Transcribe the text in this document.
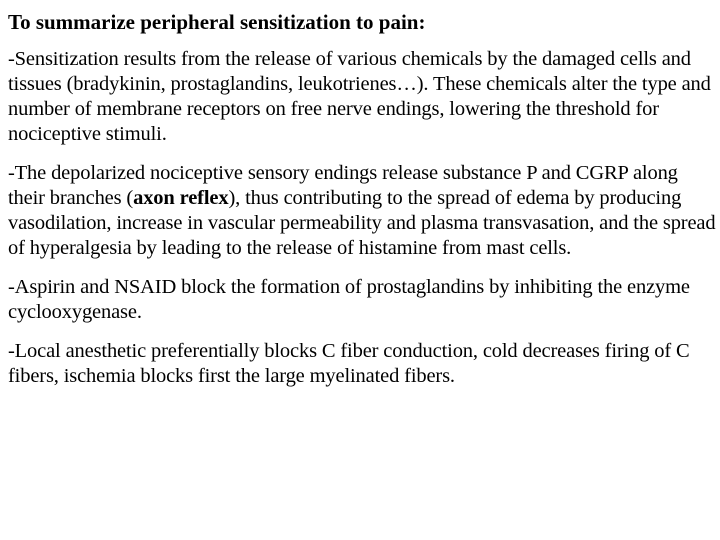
To summarize peripheral sensitization to pain:
-Sensitization results from the release of various chemicals by the damaged cells and tissues (bradykinin, prostaglandins, leukotrienes…). These chemicals alter the type and number of membrane receptors on free nerve endings, lowering the threshold for nociceptive stimuli.
-The depolarized nociceptive sensory endings release substance P and CGRP along their branches (axon reflex), thus contributing to the spread of edema by producing vasodilation, increase in vascular permeability and plasma transvasation, and the spread of hyperalgesia by leading to the release of histamine from mast cells.
-Aspirin and NSAID block the formation of prostaglandins by inhibiting the enzyme cyclooxygenase.
-Local anesthetic preferentially blocks C fiber conduction, cold decreases firing of C fibers, ischemia blocks first the large myelinated fibers.
